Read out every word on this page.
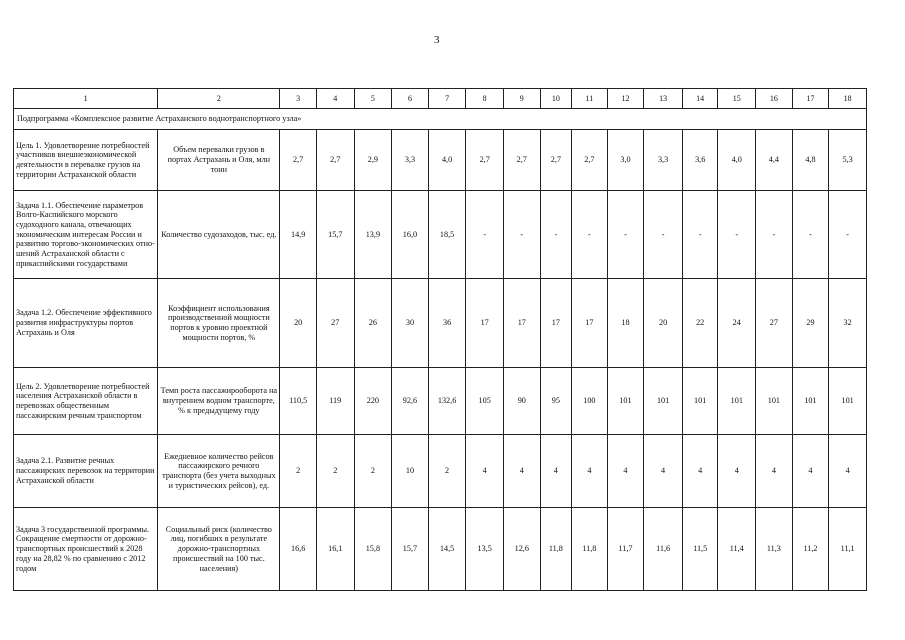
3
1	2	3	4	5	6	7	8	9	10	11	12	13	14	15	16	17	18
Подпрограмма «Комплексное развитие Астраханского воднотранспортного узла»																	
Цель 1. Удовлетворение потребностей участников внешнеэкономической деятельности в перевалке грузов на территории Астраханской области	Объем перевалки грузов в портах Астрахань и Оля, млн тонн	2,7	2,7	2,9	3,3	4,0	2,7	2,7	2,7	2,7	3,0	3,3	3,6	4,0	4,4	4,8	5,3
Задача 1.1. Обеспечение параметров Волго-Каспийского морского судоходного канала, отвечающих экономическим интересам России и развитию торгово-экономических отношений Астраханской области с прикаспийскими государствами	Количество судозаходов, тыс. ед.	14,9	15,7	13,9	16,0	18,5	-	-	-	-	-	-	-	-	-	-	-
Задача 1.2. Обеспечение эффективного развития инфраструктуры портов Астрахань и Оля	Коэффициент использования производственной мощности портов к уровню проектной мощности портов, %	20	27	26	30	36	17	17	17	17	18	20	22	24	27	29	32
Цель 2. Удовлетворение потребностей населения Астраханской области в перевозках общественным пассажирским речным транспортом	Темп роста пассажирооборота на внутреннем водном транспорте, % к предыдущему году	110,5	119	220	92,6	132,6	105	90	95	100	101	101	101	101	101	101	101
Задача 2.1. Развитие речных пассажирских перевозок на территории Астраханской области	Ежедневное количество рейсов пассажирского речного транспорта (без учета выходных и туристических рейсов), ед.	2	2	2	10	2	4	4	4	4	4	4	4	4	4	4	4
Задача 3 государственной программы. Сокращение смертности от дорожно-транспортных происшествий к 2028 году на 28,82 % по сравнению с 2012 годом	Социальный риск (количество лиц, погибших в результате дорожно-транспортных происшествий на 100 тыс. населения)	16,6	16,1	15,8	15,7	14,5	13,5	12,6	11,8	11,8	11,7	11,6	11,5	11,4	11,3	11,2	11,1
